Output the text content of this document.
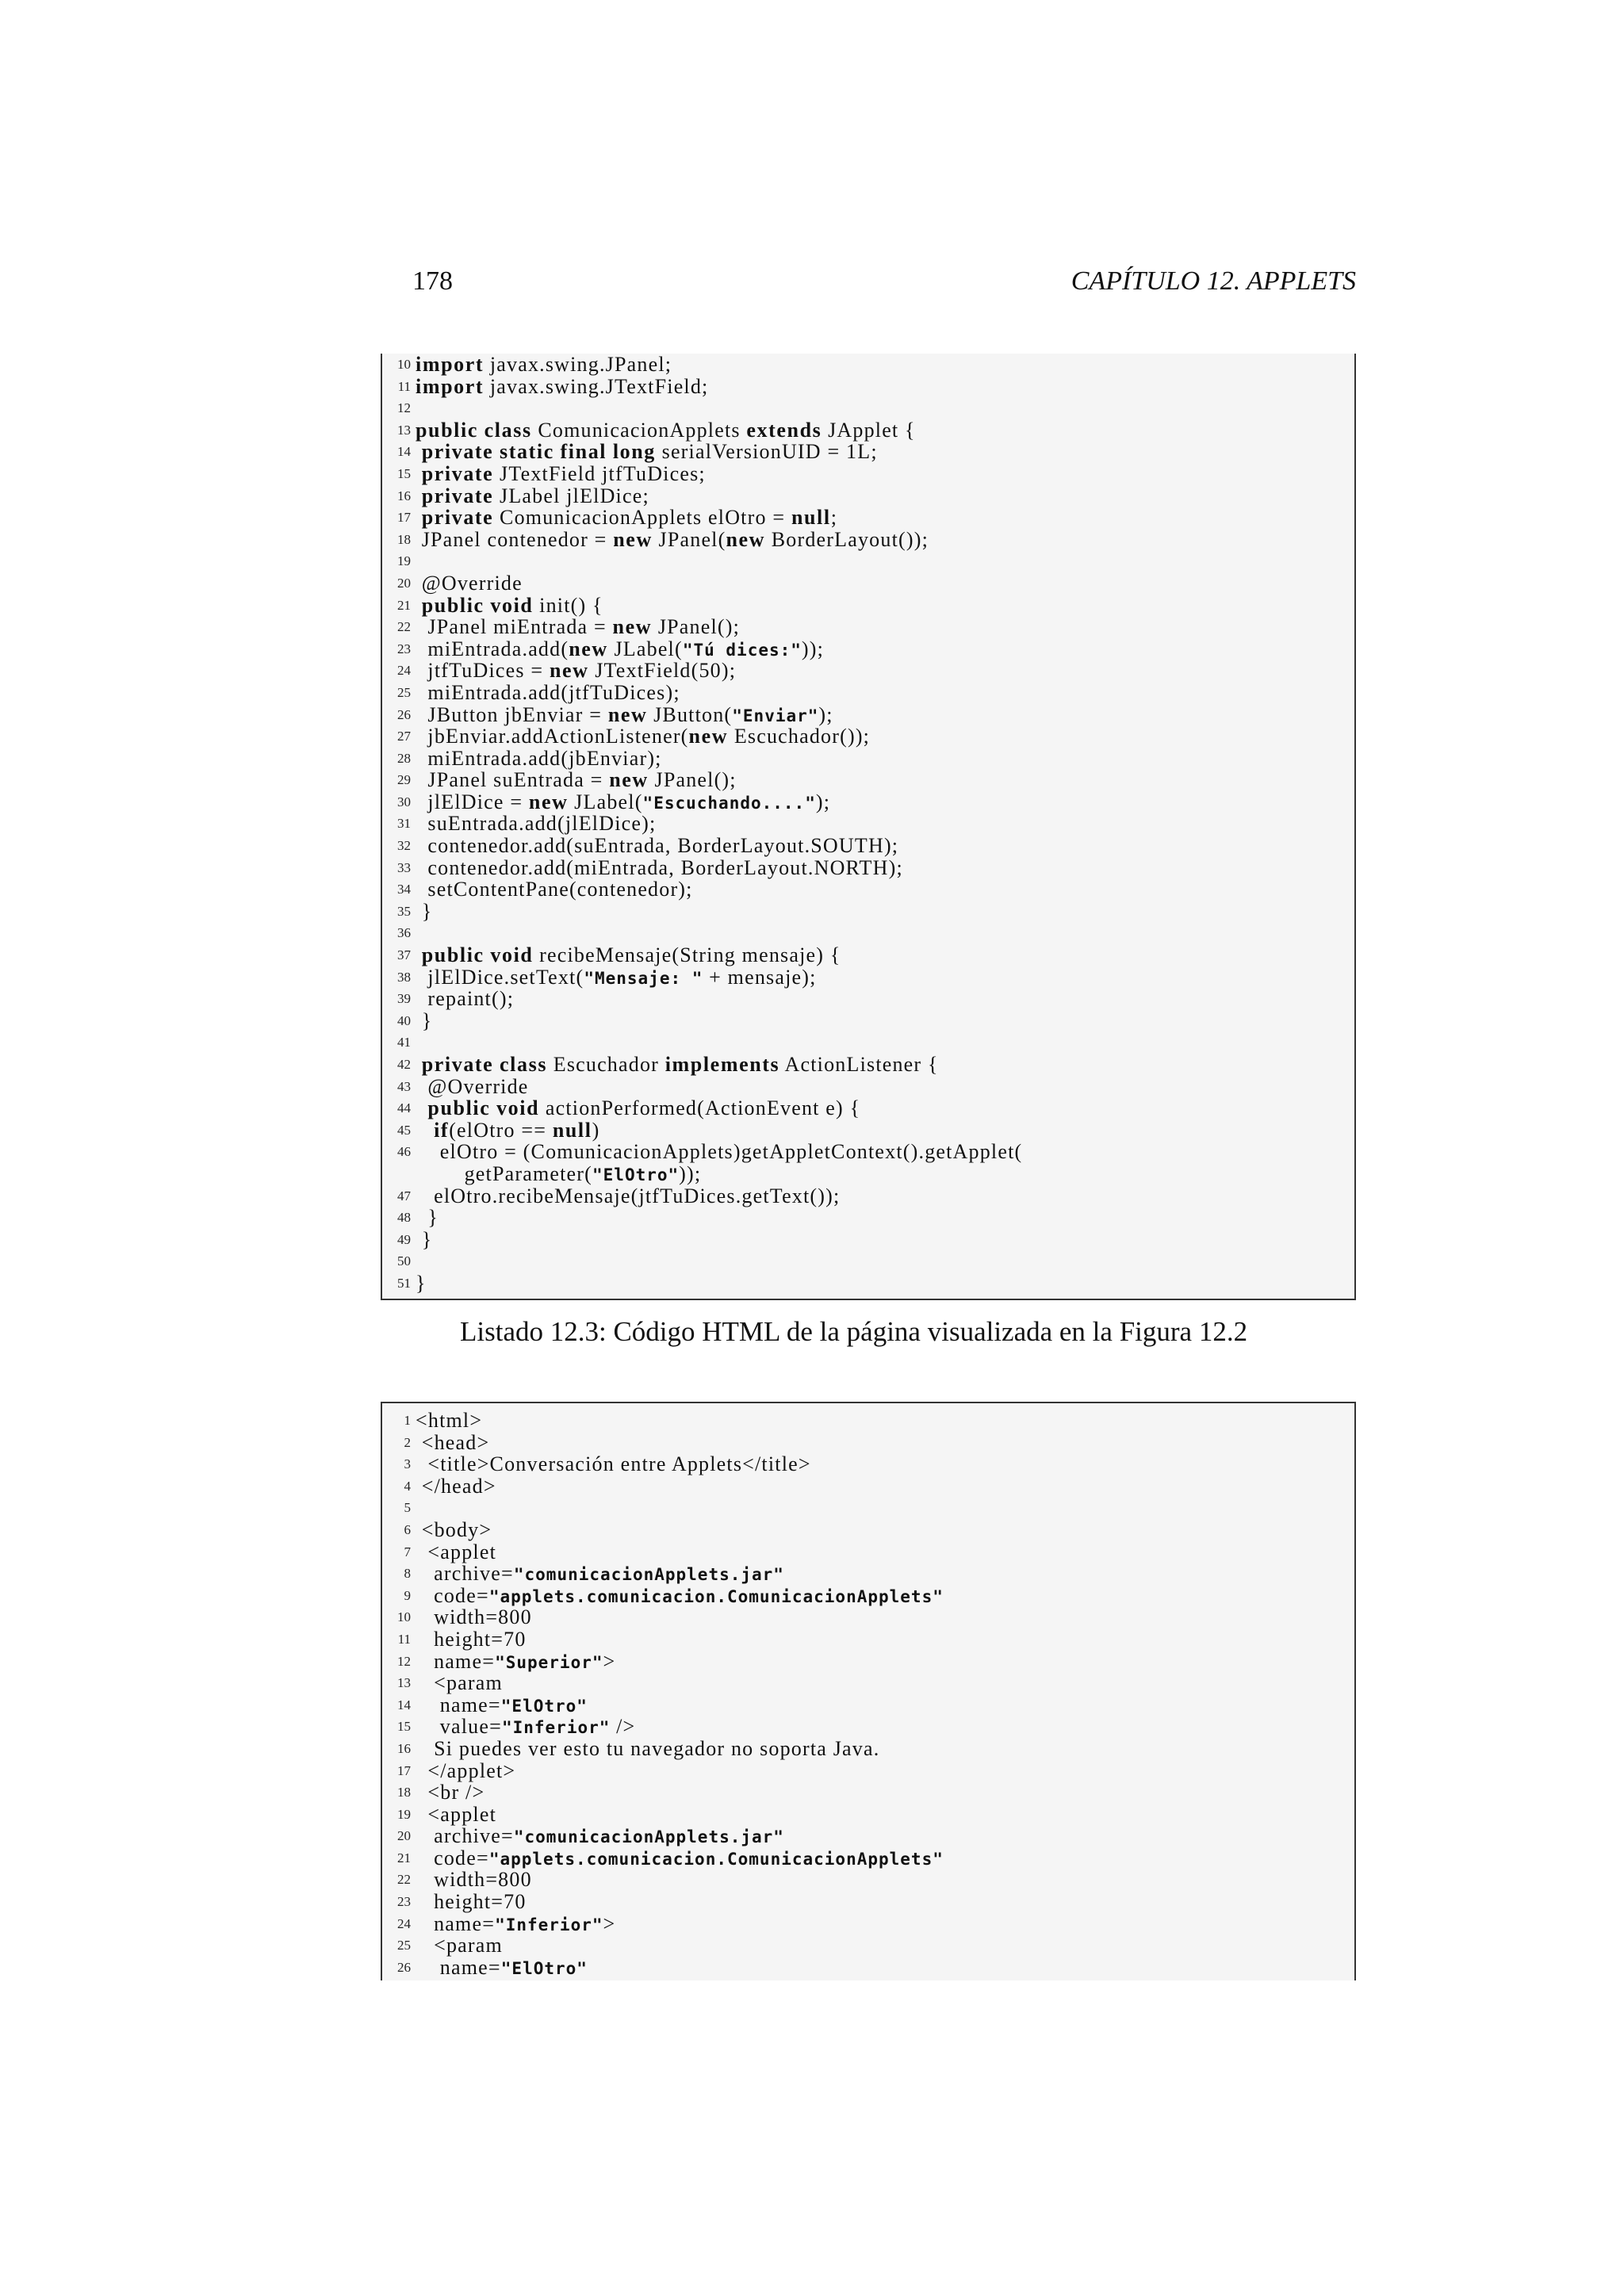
178	CAPÍTULO 12. APPLETS
10 import javax.swing.JPanel;
11 import javax.swing.JTextField;
12
13 public class ComunicacionApplets extends JApplet {
14 private static final long serialVersionUID = 1L;
15 private JTextField jtfTuDices;
16 private JLabel jlElDice;
17 private ComunicacionApplets elOtro = null;
18 JPanel contenedor = new JPanel(new BorderLayout());
19
20 @Override
21 public void init() {
22 JPanel miEntrada = new JPanel();
23 miEntrada.add(new JLabel("Tú dices:"));
24 jtfTuDices = new JTextField(50);
25 miEntrada.add(jtfTuDices);
26 JButton jbEnviar = new JButton("Enviar");
27 jbEnviar.addActionListener(new Escuchador());
28 miEntrada.add(jbEnviar);
29 JPanel suEntrada = new JPanel();
30 jlElDice = new JLabel("Escuchando....");
31 suEntrada.add(jlElDice);
32 contenedor.add(suEntrada, BorderLayout.SOUTH);
33 contenedor.add(miEntrada, BorderLayout.NORTH);
34 setContentPane(contenedor);
35 }
36
37 public void recibeMensaje(String mensaje) {
38 jlElDice.setText("Mensaje: " + mensaje);
39 repaint();
40 }
41
42 private class Escuchador implements ActionListener {
43 @Override
44 public void actionPerformed(ActionEvent e) {
45 if(elOtro == null)
46 elOtro = (ComunicacionApplets)getAppletContext().getApplet(
getParameter("ElOtro"));
47 elOtro.recibeMensaje(jtfTuDices.getText());
48 }
49 }
50
51 }
Listado 12.3: Código HTML de la página visualizada en la Figura 12.2
1 <html>
2 <head>
3 <title>Conversación entre Applets</title>
4 </head>
5
6 <body>
7 <applet
8 archive="comunicacionApplets.jar"
9 code="applets.comunicacion.ComunicacionApplets"
10 width=800
11 height=70
12 name="Superior">
13 <param
14 name="ElOtro"
15 value="Inferior" />
16 Si puedes ver esto tu navegador no soporta Java.
17 </applet>
18 <br />
19 <applet
20 archive="comunicacionApplets.jar"
21 code="applets.comunicacion.ComunicacionApplets"
22 width=800
23 height=70
24 name="Inferior">
25 <param
26 name="ElOtro"
